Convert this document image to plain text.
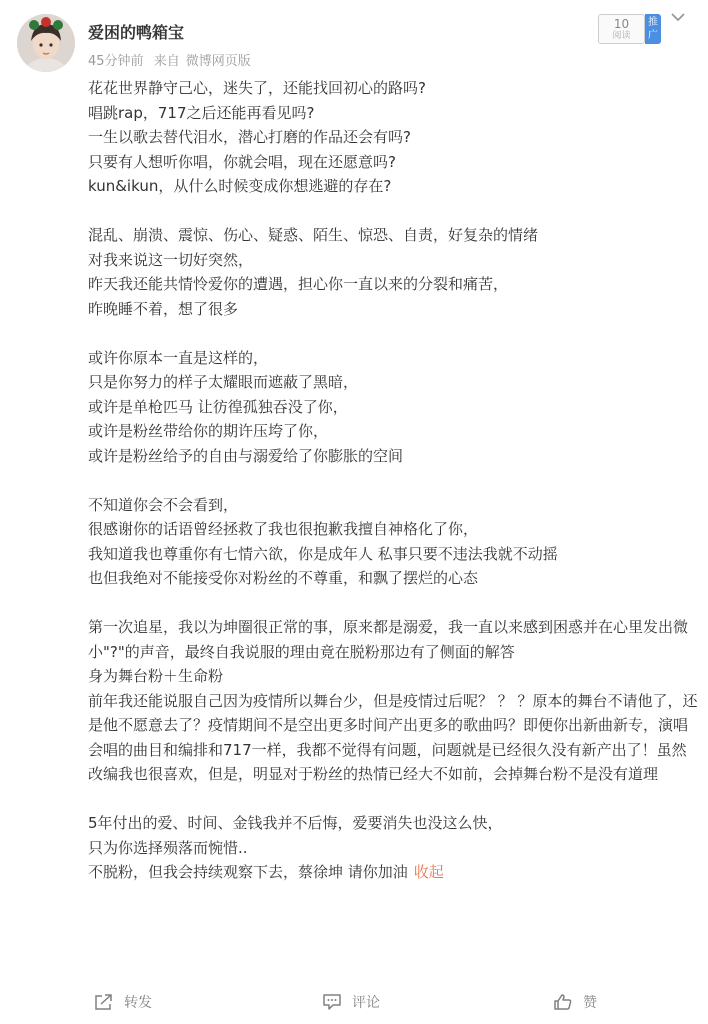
爱困的鸭箱宝
45分钟前 来自 微博网页版
10
阅读
推广
花花世界静守己心，迷失了，还能找回初心的路吗?
唱跳rap，717之后还能再看见吗?
一生以歌去替代泪水，潜心打磨的作品还会有吗?
只要有人想听你唱，你就会唱，现在还愿意吗?
kun&ikun，从什么时候变成你想逃避的存在?
混乱、崩溃、震惊、伤心、疑惑、陌生、惊恐、自责，好复杂的情绪
对我来说这一切好突然，
昨天我还能共情怜爱你的遭遇，担心你一直以来的分裂和痛苦，
昨晚睡不着，想了很多
或许你原本一直是这样的，
只是你努力的样子太耀眼而遮蔽了黑暗，
或许是单枪匹马 让彷徨孤独吞没了你，
或许是粉丝带给你的期许压垮了你，
或许是粉丝给予的自由与溺爱给了你膨胀的空间
不知道你会不会看到，
很感谢你的话语曾经拯救了我也很抱歉我擅自神格化了你，
我知道我也尊重你有七情六欲，你是成年人 私事只要不违法我就不动摇
也但我绝对不能接受你对粉丝的不尊重，和飘了摆烂的心态
第一次追星，我以为坤圈很正常的事，原来都是溺爱，我一直以来感到困惑并在心里发出微小"?"的声音，最终自我说服的理由竟在脱粉那边有了侧面的解答
身为舞台粉＋生命粉
前年我还能说服自己因为疫情所以舞台少，但是疫情过后呢？ ？ ？原本的舞台不请他了，还是他不愿意去了？疫情期间不是空出更多时间产出更多的歌曲吗？即便你出新曲新专，演唱会唱的曲目和编排和717一样，我都不觉得有问题，问题就是已经很久没有新产出了！虽然改编我也很喜欢，但是，明显对于粉丝的热情已经大不如前，会掉舞台粉不是没有道理
5年付出的爱、时间、金钱我并不后悔，爱要消失也没这么快，
只为你选择殒落而惋惜..
不脱粉，但我会持续观察下去，蔡徐坤 请你加油 收起
转发	评论	赞
